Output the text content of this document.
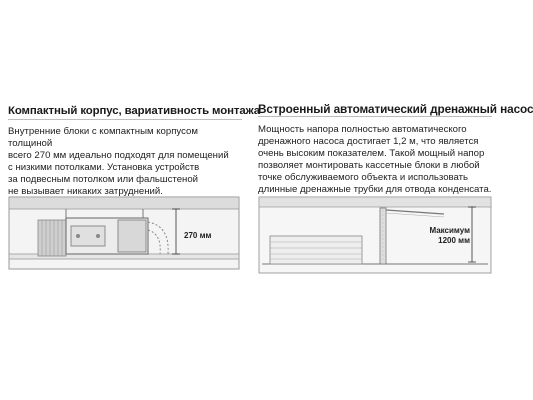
Компактный корпус, вариативность монтажа
Внутренние блоки с компактным корпусом толщиной
всего 270 мм идеально подходят для помещений
с низкими потолками. Установка устройств
за подвесным потолком или фальшстеной
не вызывает никаких затруднений.
270 мм
Встроенный автоматический дренажный насос
Мощность напора полностью автоматического
дренажного насоса достигает 1,2 м, что является
очень высоким показателем. Такой мощный напор
позволяет монтировать кассетные блоки в любой
точке обслуживаемого объекта и использовать
длинные дренажные трубки для отвода конденсата.
Максимум
1200 мм
